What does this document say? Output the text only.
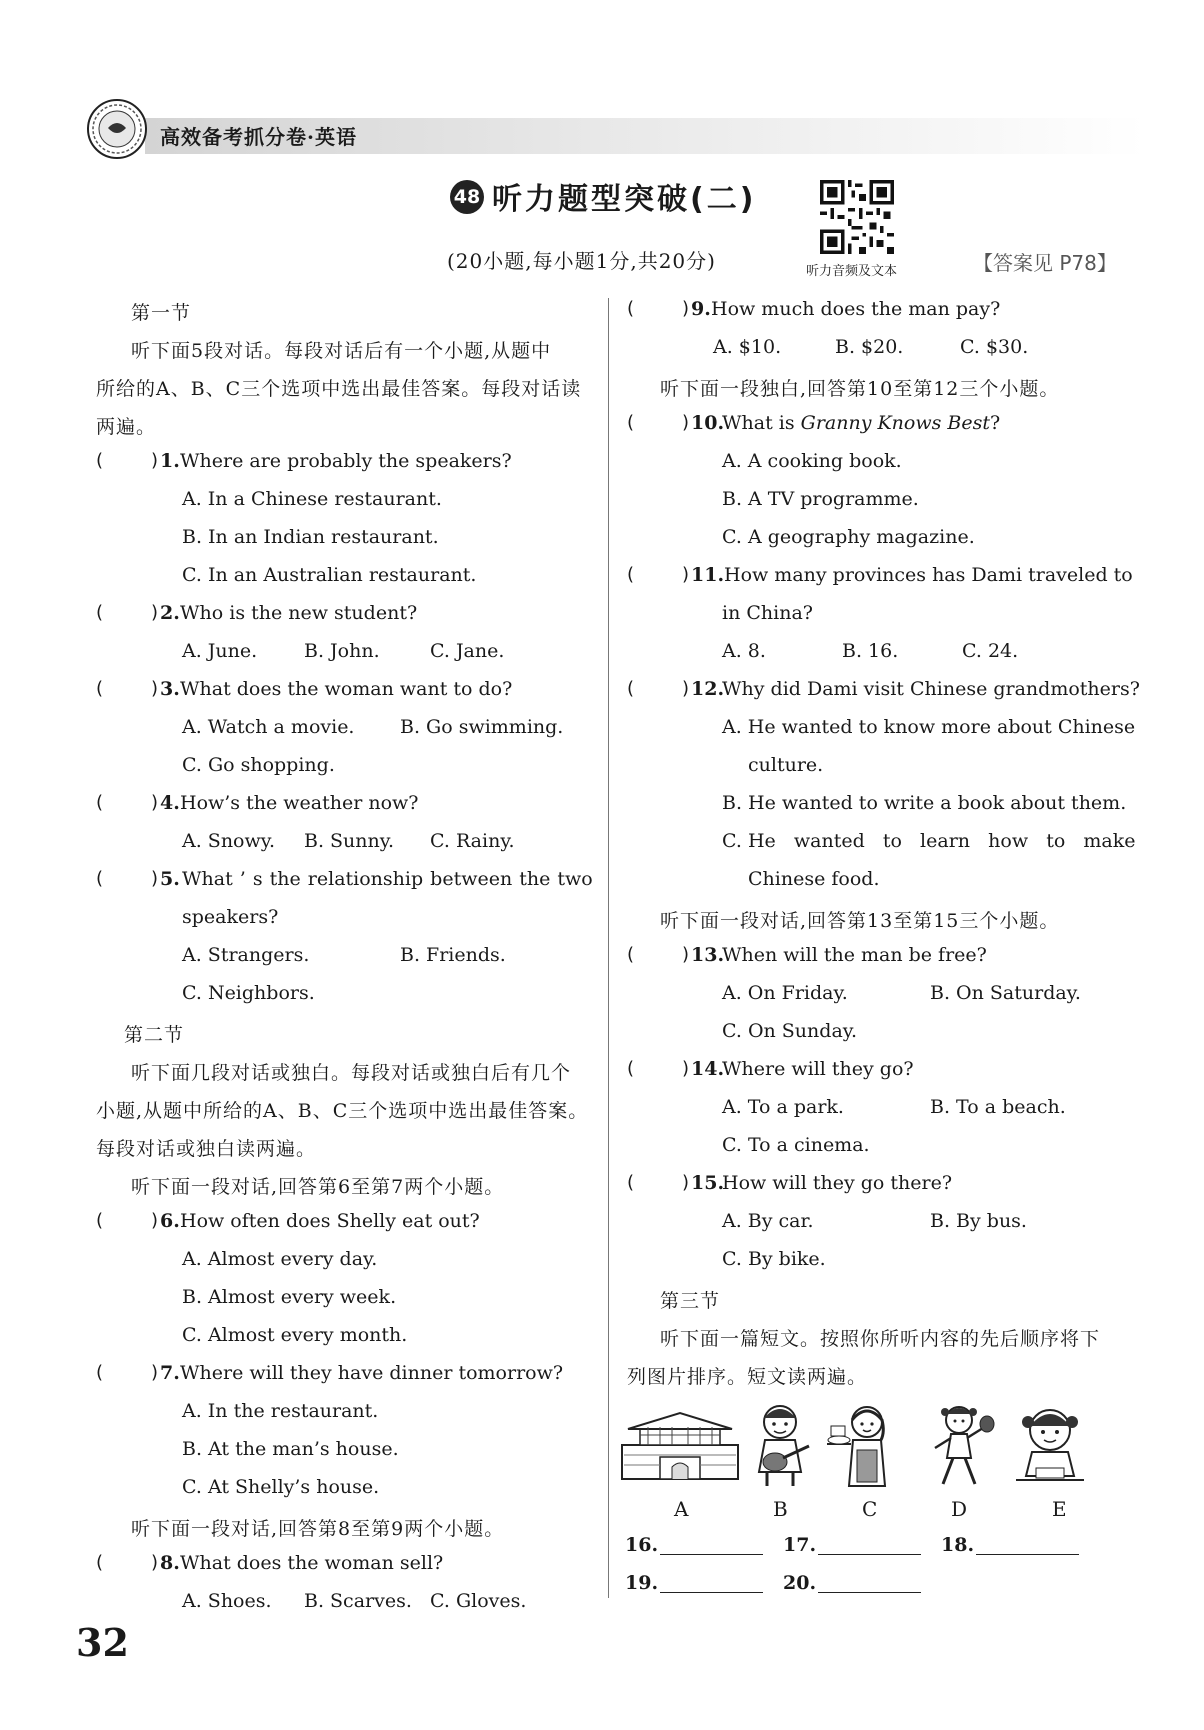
高效备考抓分卷·英语
48 听力题型突破(二)
(20小题,每小题1分,共20分)	听力音频及文本	【答案见 P78】
第一节
听下面5段对话。每段对话后有一个小题,从题中
所给的A、B、C三个选项中选出最佳答案。每段对话读
两遍。
(	) 1. Where are probably the speakers?
A. In a Chinese restaurant.
B. In an Indian restaurant.
C. In an Australian restaurant.
(	) 2. Who is the new student?
A. June. B. John.	C. Jane.
(	) 3. What does the woman want to do?
A. Watch a movie. B. Go swimming.
C. Go shopping.
(	) 4. How’s the weather now?
A. Snowy. B. Sunny. C. Rainy.
(	) 5. What ’ s the relationship between the two
speakers?
A. Strangers.	B. Friends.
C. Neighbors.
第二节
听下面几段对话或独白。每段对话或独白后有几个
小题,从题中所给的A、B、C三个选项中选出最佳答案。
每段对话或独白读两遍。
听下面一段对话,回答第6至第7两个小题。
(	) 6. How often does Shelly eat out?
A. Almost every day.
B. Almost every week.
C. Almost every month.
(	) 7. Where will they have dinner tomorrow?
A. In the restaurant.
B. At the man’s house.
C. At Shelly’s house.
听下面一段对话,回答第8至第9两个小题。
(	) 8. What does the woman sell?
A. Shoes. B. Scarves. C. Gloves.
32
(	) 9. How much does the man pay?
A. $10.	B. $20.	C. $30.
听下面一段独白,回答第10至第12三个小题。
(	) 10.
What is Granny Knows Best?
A. A cooking book.
B. A TV programme.
C. A geography magazine.
(	) 11. How many provinces has Dami traveled to
in China?
A. 8.	B. 16.	C. 24.
(	) 12.
Why did Dami visit Chinese grandmothers?
A. He wanted to know more about Chinese
culture.
B. He wanted to write a book about them.
C. He   wanted   to   learn   how   to   make
Chinese food.
听下面一段对话,回答第13至第15三个小题。
(	) 13.
When will the man be free?
A. On Friday.	B. On Saturday.
C. On Sunday.
(	) 14.
Where will they go?
A. To a park.	B. To a beach.
C. To a cinema.
(	) 15.
How will they go there?
A. By car.	B. By bus.
C. By bike.
第三节
听下面一篇短文。按照你所听内容的先后顺序将下
列图片排序。短文读两遍。
A	B	C	D	E
16.	17.	18.
19.	20.
